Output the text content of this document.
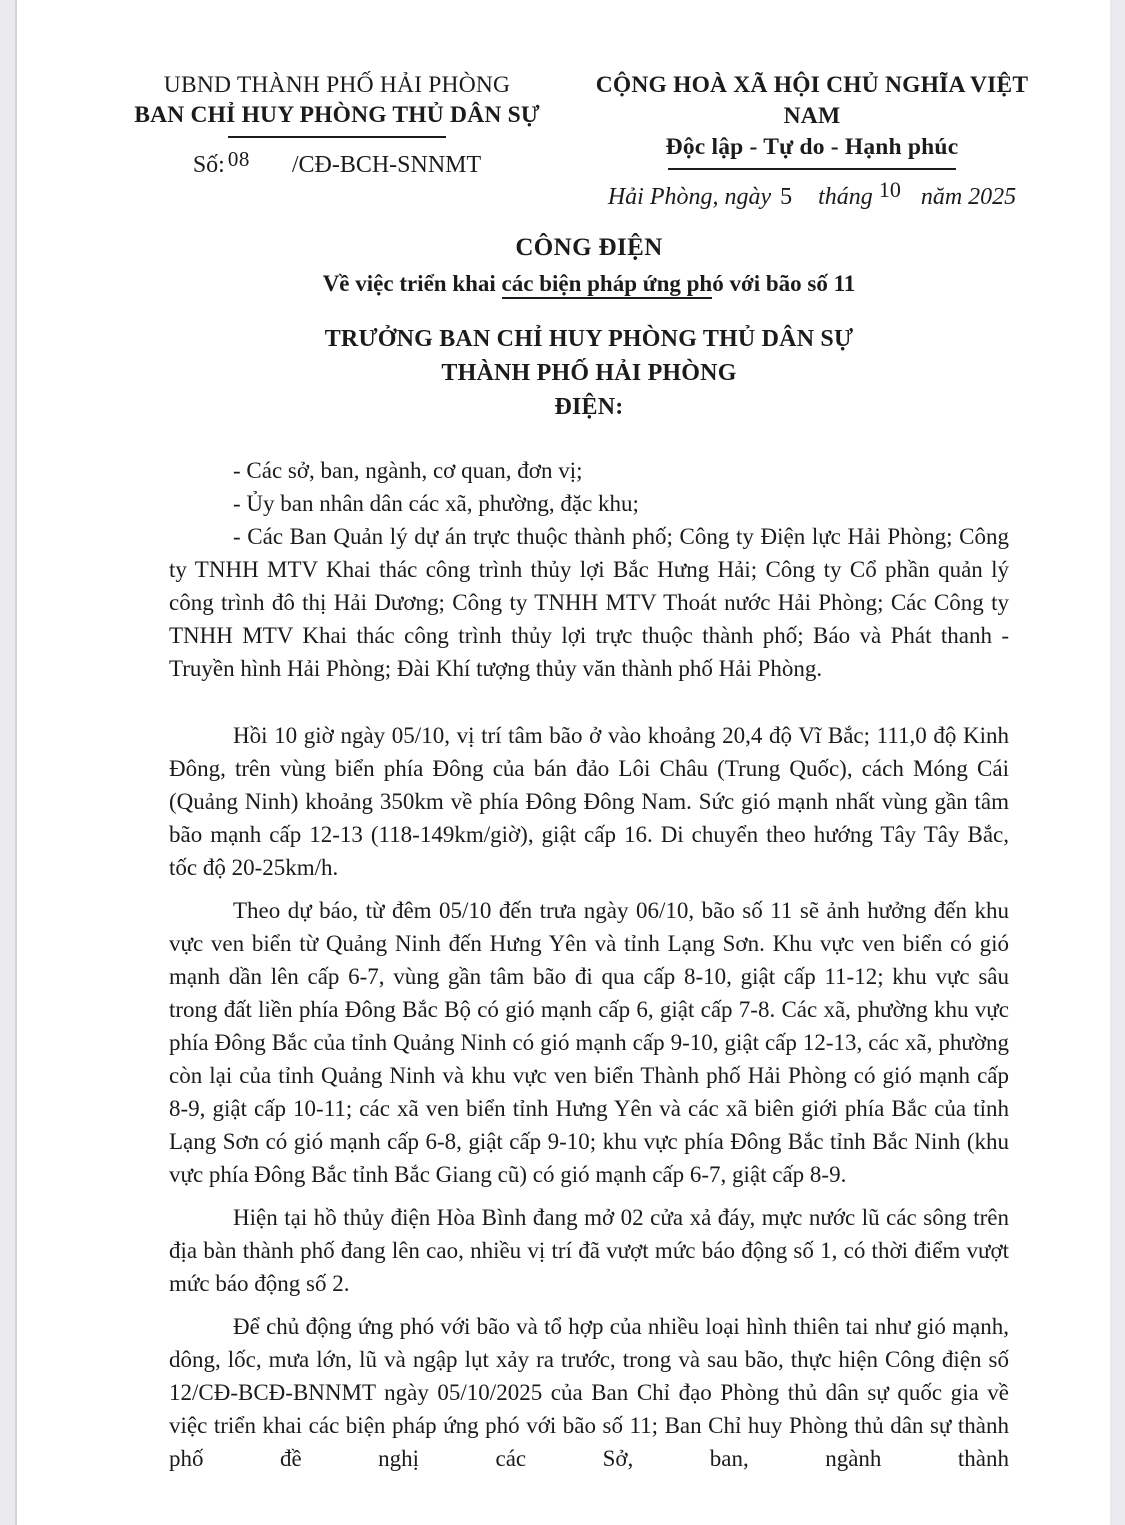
UBND THÀNH PHỐ HẢI PHÒNG
BAN CHỈ HUY PHÒNG THỦ DÂN SỰ
Số: 08 /CĐ-BCH-SNNMT
CỘNG HOÀ XÃ HỘI CHỦ NGHĨA VIỆT NAM
Độc lập - Tự do - Hạnh phúc
Hải Phòng, ngày 5 tháng 10 năm 2025
CÔNG ĐIỆN
Về việc triển khai các biện pháp ứng phó với bão số 11
TRƯỞNG BAN CHỈ HUY PHÒNG THỦ DÂN SỰ
THÀNH PHỐ HẢI PHÒNG
ĐIỆN:

- Các sở, ban, ngành, cơ quan, đơn vị;

- Ủy ban nhân dân các xã, phường, đặc khu;

- Các Ban Quản lý dự án trực thuộc thành phố; Công ty Điện lực Hải Phòng; Công ty TNHH MTV Khai thác công trình thủy lợi Bắc Hưng Hải; Công ty Cổ phần quản lý công trình đô thị Hải Dương; Công ty TNHH MTV Thoát nước Hải Phòng; Các Công ty TNHH MTV Khai thác công trình thủy lợi trực thuộc thành phố; Báo và Phát thanh - Truyền hình Hải Phòng; Đài Khí tượng thủy văn thành phố Hải Phòng.

Hồi 10 giờ ngày 05/10, vị trí tâm bão ở vào khoảng 20,4 độ Vĩ Bắc; 111,0 độ Kinh Đông, trên vùng biển phía Đông của bán đảo Lôi Châu (Trung Quốc), cách Móng Cái (Quảng Ninh) khoảng 350km về phía Đông Đông Nam. Sức gió mạnh nhất vùng gần tâm bão mạnh cấp 12-13 (118-149km/giờ), giật cấp 16. Di chuyển theo hướng Tây Tây Bắc, tốc độ 20-25km/h.

Theo dự báo, từ đêm 05/10 đến trưa ngày 06/10, bão số 11 sẽ ảnh hưởng đến khu vực ven biển từ Quảng Ninh đến Hưng Yên và tỉnh Lạng Sơn. Khu vực ven biển có gió mạnh dần lên cấp 6-7, vùng gần tâm bão đi qua cấp 8-10, giật cấp 11-12; khu vực sâu trong đất liền phía Đông Bắc Bộ có gió mạnh cấp 6, giật cấp 7-8. Các xã, phường khu vực phía Đông Bắc của tỉnh Quảng Ninh có gió mạnh cấp 9-10, giật cấp 12-13, các xã, phường còn lại của tỉnh Quảng Ninh và khu vực ven biển Thành phố Hải Phòng có gió mạnh cấp 8-9, giật cấp 10-11; các xã ven biển tỉnh Hưng Yên và các xã biên giới phía Bắc của tỉnh Lạng Sơn có gió mạnh cấp 6-8, giật cấp 9-10; khu vực phía Đông Bắc tỉnh Bắc Ninh (khu vực phía Đông Bắc tỉnh Bắc Giang cũ) có gió mạnh cấp 6-7, giật cấp 8-9.

Hiện tại hồ thủy điện Hòa Bình đang mở 02 cửa xả đáy, mực nước lũ các sông trên địa bàn thành phố đang lên cao, nhiều vị trí đã vượt mức báo động số 1, có thời điểm vượt mức báo động số 2.

Để chủ động ứng phó với bão và tổ hợp của nhiều loại hình thiên tai như gió mạnh, dông, lốc, mưa lớn, lũ và ngập lụt xảy ra trước, trong và sau bão, thực hiện Công điện số 12/CĐ-BCĐ-BNNMT ngày 05/10/2025 của Ban Chỉ đạo Phòng thủ dân sự quốc gia về việc triển khai các biện pháp ứng phó với bão số 11; Ban Chỉ huy Phòng thủ dân sự thành phố đề nghị các Sở, ban, ngành thành
